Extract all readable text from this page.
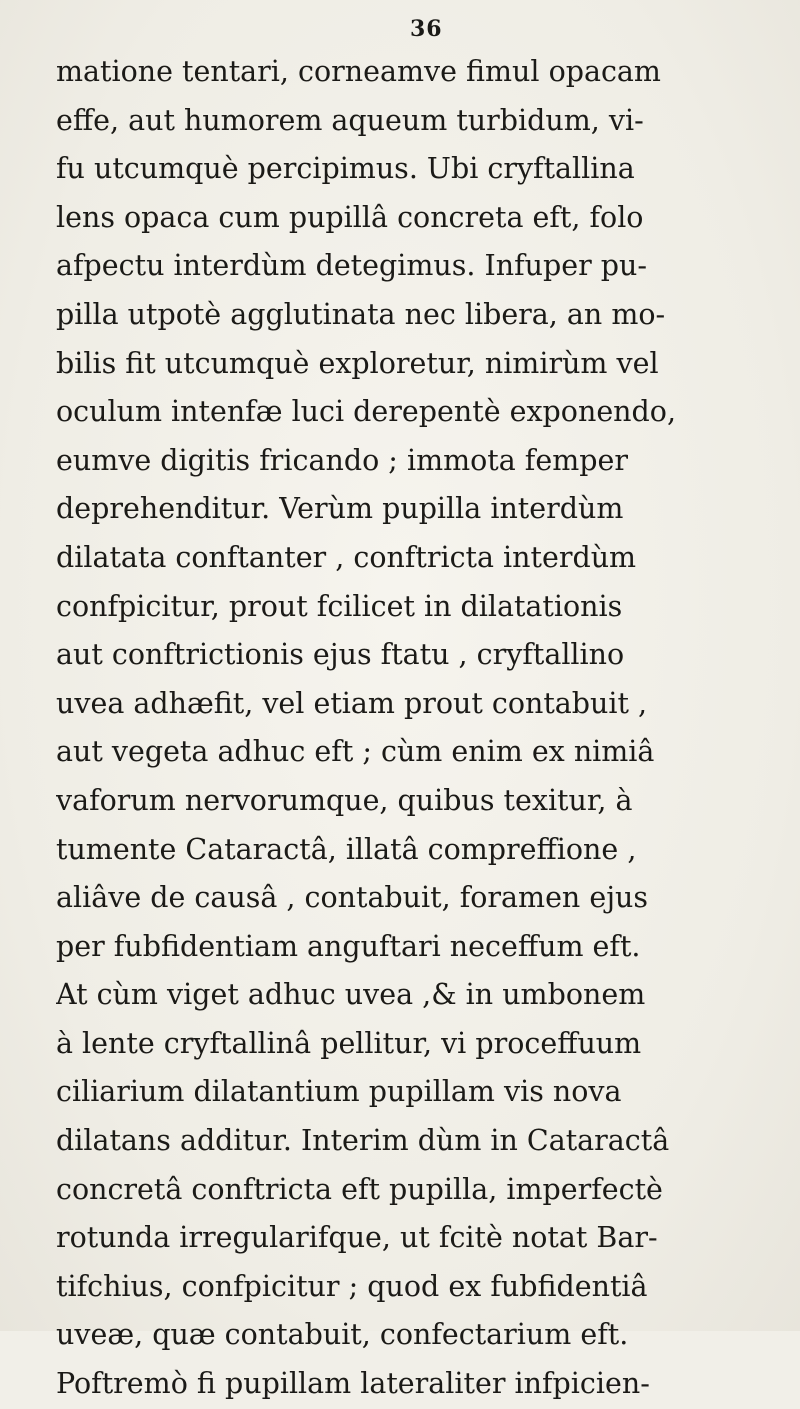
36
matione tentari, corneamve fimul opacam
effe, aut humorem aqueum turbidum, vi-
fu utcumquè percipimus. Ubi cryftallina
lens opaca cum pupillâ concreta eft, folo
afpectu interdùm detegimus. Infuper pu-
pilla utpotè agglutinata nec libera, an mo-
bilis fit utcumquè exploretur, nimirùm vel
oculum intenfæ luci derepentè exponendo,
eumve digitis fricando ; immota femper
deprehenditur. Verùm pupilla interdùm
dilatata conftanter , conftricta interdùm
confpicitur, prout fcilicet in dilatationis
aut conftrictionis ejus ftatu , cryftallino
uvea adhæfit, vel etiam prout contabuit ,
aut vegeta adhuc eft ; cùm enim ex nimiâ
vaforum nervorumque, quibus texitur, à
tumente Cataractâ, illatâ compreffione ,
aliâve de causâ , contabuit, foramen ejus
per fubfidentiam anguftari neceffum eft.
At cùm viget adhuc uvea ,& in umbonem
à lente cryftallinâ pellitur, vi proceffuum
ciliarium dilatantium pupillam vis nova
dilatans additur. Interim dùm in Cataractâ
concretâ conftricta eft pupilla, imperfectè
rotunda irregularifque, ut fcitè notat Bar-
tifchius, confpicitur ; quod ex fubfidentiâ
uveæ, quæ contabuit, confectarium eft.
Poftremò fi pupillam lateraliter infpicien-
